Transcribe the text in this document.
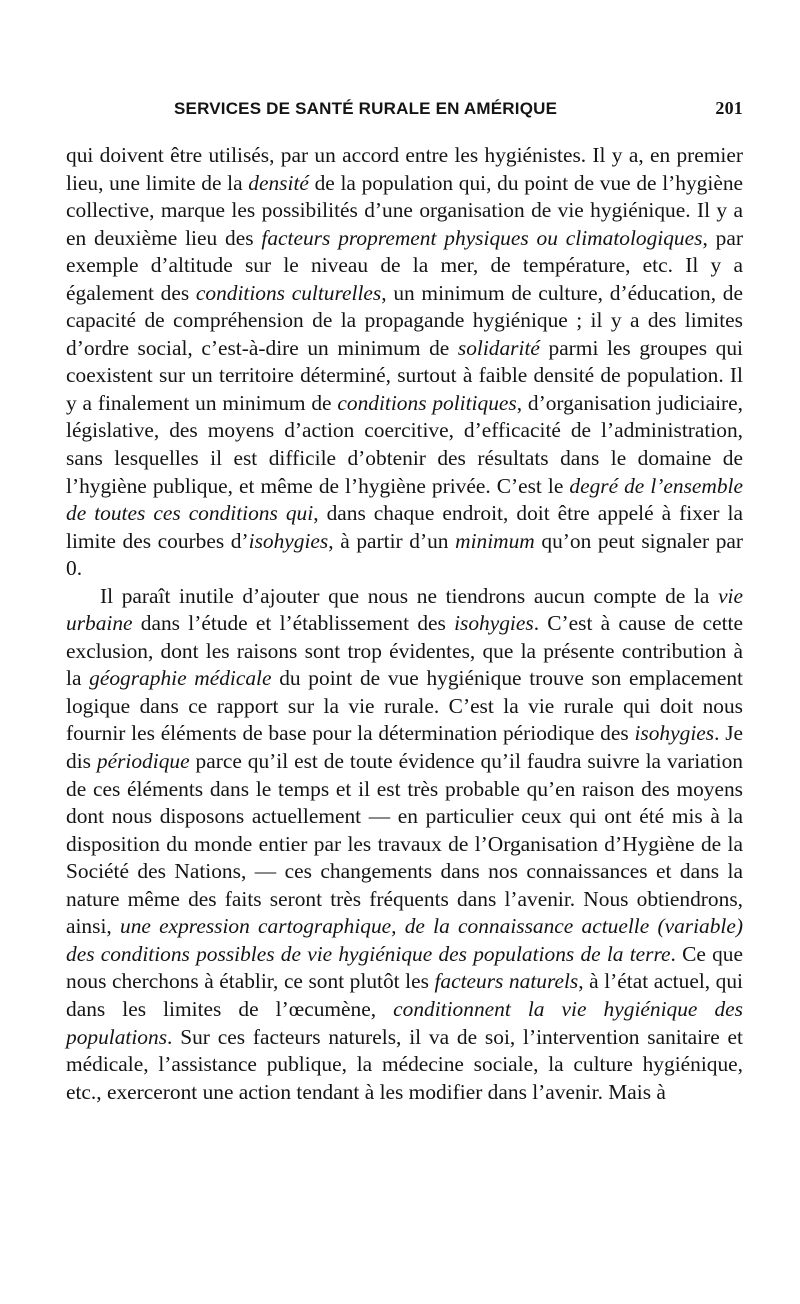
SERVICES DE SANTÉ RURALE EN AMÉRIQUE	201

qui doivent être utilisés, par un accord entre les hygiénistes. Il y a, en premier lieu, une limite de la densité de la population qui, du point de vue de l’hygiène collective, marque les possibilités d’une organisation de vie hygiénique. Il y a en deuxième lieu des facteurs proprement physiques ou climatologiques, par exemple d’altitude sur le niveau de la mer, de température, etc. Il y a également des conditions culturelles, un minimum de culture, d’éducation, de capacité de compréhension de la propagande hygiénique ; il y a des limites d’ordre social, c’est-à-dire un minimum de solidarité parmi les groupes qui coexistent sur un territoire déterminé, surtout à faible densité de population. Il y a finalement un minimum de conditions politiques, d’organisation judiciaire, législative, des moyens d’action coercitive, d’efficacité de l’administration, sans lesquelles il est difficile d’obtenir des résultats dans le domaine de l’hygiène publique, et même de l’hygiène privée. C’est le degré de l’ensemble de toutes ces conditions qui, dans chaque endroit, doit être appelé à fixer la limite des courbes d’isohygies, à partir d’un minimum qu’on peut signaler par 0.

Il paraît inutile d’ajouter que nous ne tiendrons aucun compte de la vie urbaine dans l’étude et l’établissement des isohygies. C’est à cause de cette exclusion, dont les raisons sont trop évidentes, que la présente contribution à la géographie médicale du point de vue hygiénique trouve son emplacement logique dans ce rapport sur la vie rurale. C’est la vie rurale qui doit nous fournir les éléments de base pour la détermination périodique des isohygies. Je dis périodique parce qu’il est de toute évidence qu’il faudra suivre la variation de ces éléments dans le temps et il est très probable qu’en raison des moyens dont nous disposons actuellement — en particulier ceux qui ont été mis à la disposition du monde entier par les travaux de l’Organisation d’Hygiène de la Société des Nations, — ces changements dans nos connaissances et dans la nature même des faits seront très fréquents dans l’avenir. Nous obtiendrons, ainsi, une expression cartographique, de la connaissance actuelle (variable) des conditions possibles de vie hygiénique des populations de la terre. Ce que nous cherchons à établir, ce sont plutôt les facteurs naturels, à l’état actuel, qui dans les limites de l’œcumène, conditionnent la vie hygiénique des populations. Sur ces facteurs naturels, il va de soi, l’intervention sanitaire et médicale, l’assistance publique, la médecine sociale, la culture hygiénique, etc., exerceront une action tendant à les modifier dans l’avenir. Mais à
